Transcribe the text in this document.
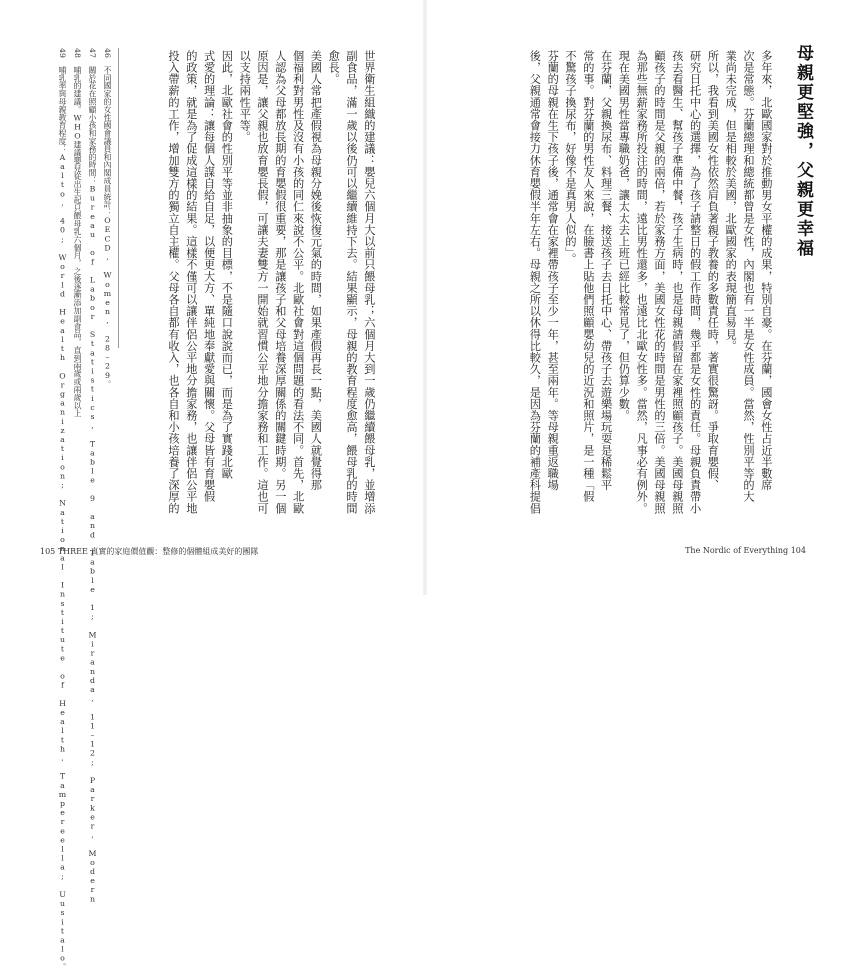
世界衛生組織的建議：嬰兒六個月大以前只餵母乳；六個月大到一歲仍繼續餵母乳，並增添
副食品，滿一歲以後仍可以繼續維持下去。結果顯示，母親的教育程度愈高，餵母乳的時間
愈長。
美國人常把產假視為母親分娩後恢復元氣的時間，如果產假再長一點，美國人就覺得那
個福利對男性及沒有小孩的同仁來說不公平。北歐社會對這個問題的看法不同。首先，北歐
人認為父母都放長期的育嬰假很重要，那是讓孩子和父母培養深厚關係的關鍵時期。另一個
原因是，讓父親也放育嬰長假，可讓夫妻雙方一開始就習慣公平地分擔家務和工作。這也可
以支持兩性平等。
因此，北歐社會的性別平等並非抽象的目標，不是隨口說說而已，而是為了實踐北歐
式愛的理論：讓每個人謀自給自足，以便更大方、單純地奉獻愛與關懷。父母皆有育嬰假
的政策，就是為了促成這樣的結果。這樣不僅可以讓伴侶公平地分擔家務，也讓伴侶公平地
投入帶薪的工作，增加雙方的獨立自主權。父母各自都有收入，也各自和小孩培養了深厚的
46
不同國家的女性國會議員和內閣成員統計：OECD, Women, 28–29。
47
關於花在照顧小孩和家務的時間：Bureau of Labor Statistics, Table 9 and Table 1; Miranda, 11–12; Parker, Modern
48
哺乳的建議。WHO建議嬰兒從出生起只餵母乳六個月，之後逐漸添加副食品，直到兩歲或兩歲以上
49
哺乳率與母親教育程度：Aalto, 40; World Health Organization; National Institute of Health, Tampereella; Uusitalo。
105 THREE 真實的家庭價值觀：整修的個體組成美好的團隊
母親更堅強，父親更幸福
多年來，北歐國家對於推動男女平權的成果，特別自豪。在芬蘭，國會女性占近半數席
次是常態。芬蘭總理和總統都曾是女性，內閣也有一半是女性成員。當然，性別平等的大
業尚未完成，但是相較於美國，北歐國家的表現簡直易見。
所以，我看到美國女性依然肩負著親子教養的多數責任時，著實很驚訝。爭取育嬰假、
研究日托中心的選擇，為了孩子請整日的假工作時間，幾乎都是女性的責任。母親負責帶小
孩去看醫生、幫孩子準備中餐，孩子生病時，也是母親請假留在家裡照顧孩子。美國母親照
顧孩子的時間是父親的兩倍，若於家務方面，美國女性花的時間是男性的三倍。美國母親照
為那些無薪家務所投注的時間，遠比男性還多，也遠比北歐女性多。當然，凡事必有例外。
現在美國男性當專職奶爸，讓太太去上班已經比較常見了，但仍算少數。
在芬蘭，父親換尿布、料理三餐、接送孩子去日托中心、帶孩子去遊樂場玩耍是稀鬆平
常的事。對芬蘭的男性友人來說，在臉書上貼他們照顧嬰幼兒的近況和照片，是一種「假
不驚孩子換尿布，好像不是真男人似的」。
芬蘭的母親在生下孩子後，通常會在家裡帶孩子至少一年，甚至兩年。等母親重返職場
後，父親通常會接力休育嬰假半年左右。母親之所以休得比較久，是因為芬蘭的補產科提倡
The Nordic of Everything 104
